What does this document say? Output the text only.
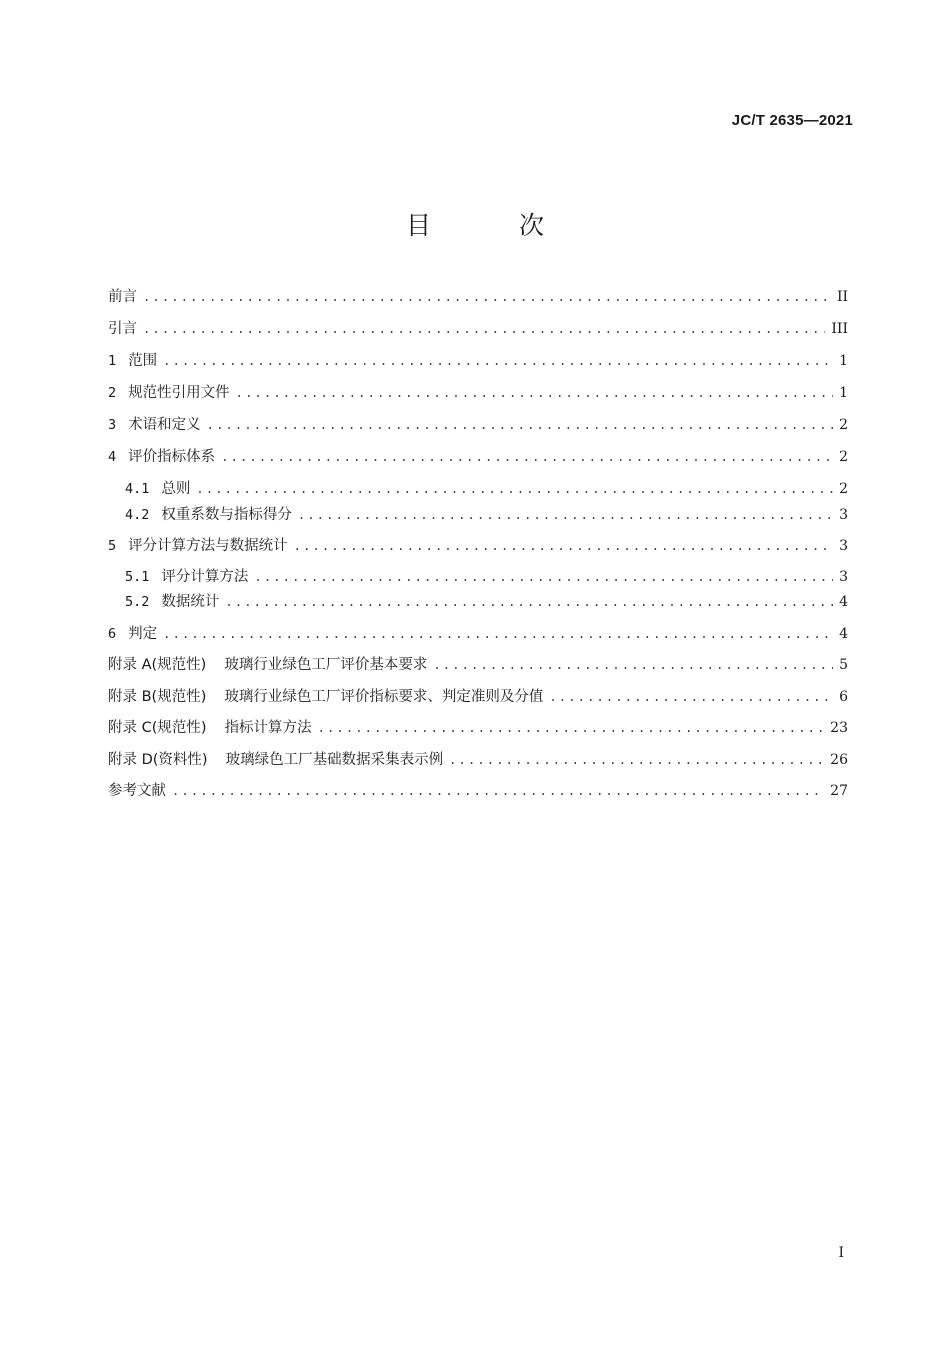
JC/T 2635—2021
目 次
前言 .....	II
引言 .....	III
1 范围 .....	1
2 规范性引用文件 .....	1
3 术语和定义 .....	2
4 评价指标体系 .....	2
4.1 总则 .....	2
4.2 权重系数与指标得分 .....	3
5 评分计算方法与数据统计 .....	3
5.1 评分计算方法 .....	3
5.2 数据统计 .....	4
6 判定 .....	4
附录 A(规范性) 玻璃行业绿色工厂评价基本要求 .....	5
附录 B(规范性) 玻璃行业绿色工厂评价指标要求、判定准则及分值 .....	6
附录 C(规范性) 指标计算方法 .....	23
附录 D(资料性) 玻璃绿色工厂基础数据采集表示例 .....	26
参考文献 .....	27
I
